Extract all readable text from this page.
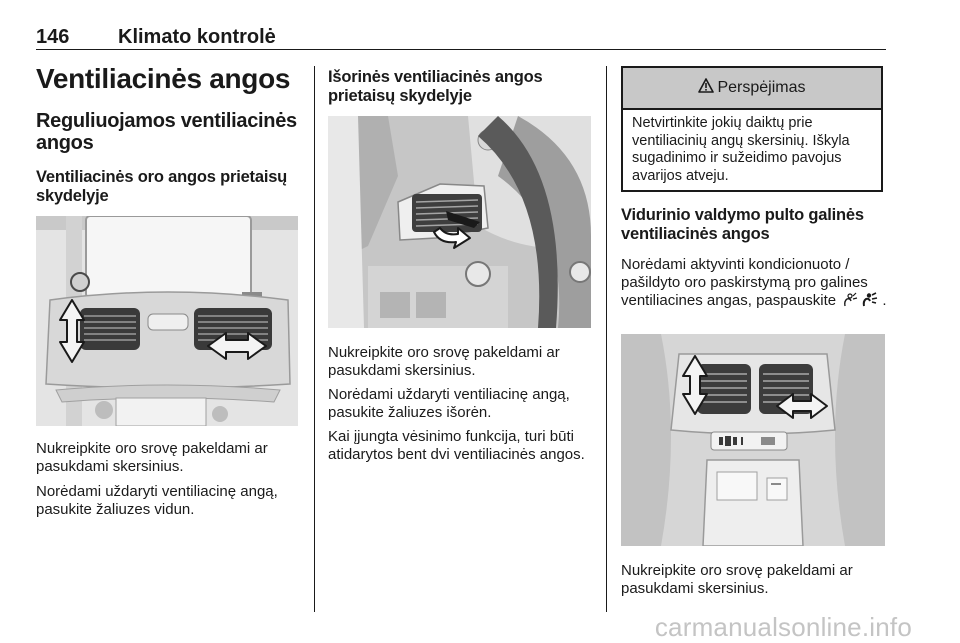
146 Klimato kontrolė
Ventiliacinės angos
Reguliuojamos ventiliacinės angos
Ventiliacinės oro angos prietaisų skydelyje
Nukreipkite oro srovę pakeldami ar pasukdami skersinius.
Norėdami uždaryti ventiliacinę angą, pasukite žaliuzes vidun.
Išorinės ventiliacinės angos prietaisų skydelyje
Nukreipkite oro srovę pakeldami ar pasukdami skersinius.
Norėdami uždaryti ventiliacinę angą, pasukite žaliuzes išorėn.
Kai įjungta vėsinimo funkcija, turi būti atidarytos bent dvi ventiliacinės angos.
Perspėjimas
Netvirtinkite jokių daiktų prie ventiliacinių angų skersinių. Iškyla sugadinimo ir sužeidimo pavojus avarijos atveju.
Vidurinio valdymo pulto galinės ventiliacinės angos
Norėdami aktyvinti kondicionuoto / pašildyto oro paskirstymą pro galines ventiliacines angas, paspauskite	.
Nukreipkite oro srovę pakeldami ar pasukdami skersinius.
carmanualsonline.info
